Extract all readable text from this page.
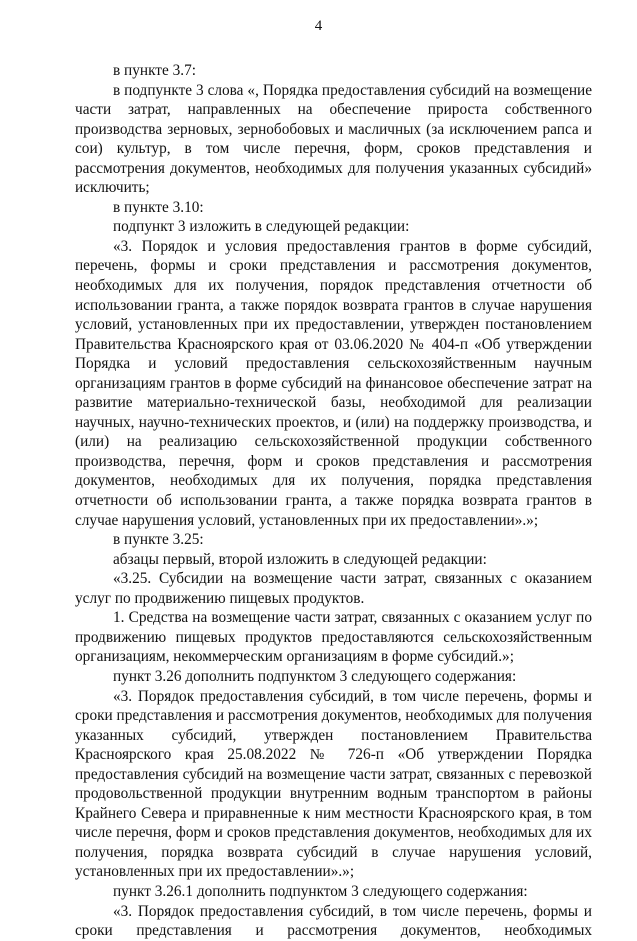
4

в пункте 3.7:

в подпункте 3 слова «, Порядка предоставления субсидий на возмещение части затрат, направленных на обеспечение прироста собственного производства зерновых, зернобобовых и масличных (за исключением рапса и сои) культур, в том числе перечня, форм, сроков представления и рассмотрения документов, необходимых для получения указанных субсидий» исключить;

в пункте 3.10:

подпункт 3 изложить в следующей редакции:

«3. Порядок и условия предоставления грантов в форме субсидий, перечень, формы и сроки представления и рассмотрения документов, необходимых для их получения, порядок представления отчетности об использовании гранта, а также порядок возврата грантов в случае нарушения условий, установленных при их предоставлении, утвержден постановлением Правительства Красноярского края от 03.06.2020 № 404-п «Об утверждении Порядка и условий предоставления сельскохозяйственным научным организациям грантов в форме субсидий на финансовое обеспечение затрат на развитие материально-технической базы, необходимой для реализации научных, научно-технических проектов, и (или) на поддержку производства, и (или) на реализацию сельскохозяйственной продукции собственного производства, перечня, форм и сроков представления и рассмотрения документов, необходимых для их получения, порядка представления отчетности об использовании гранта, а также порядка возврата грантов в случае нарушения условий, установленных при их предоставлении».»;

в пункте 3.25:

абзацы первый, второй изложить в следующей редакции:

«3.25. Субсидии на возмещение части затрат, связанных с оказанием услуг по продвижению пищевых продуктов.

1. Средства на возмещение части затрат, связанных с оказанием услуг по продвижению пищевых продуктов предоставляются сельскохозяйственным организациям, некоммерческим организациям в форме субсидий.»;

пункт 3.26 дополнить подпунктом 3 следующего содержания:

«3. Порядок предоставления субсидий, в том числе перечень, формы и сроки представления и рассмотрения документов, необходимых для получения указанных субсидий, утвержден постановлением Правительства Красноярского края 25.08.2022 № 726-п «Об утверждении Порядка предоставления субсидий на возмещение части затрат, связанных с перевозкой продовольственной продукции внутренним водным транспортом в районы Крайнего Севера и приравненные к ним местности Красноярского края, в том числе перечня, форм и сроков представления документов, необходимых для их получения, порядка возврата субсидий в случае нарушения условий, установленных при их предоставлении».»;

пункт 3.26.1 дополнить подпунктом 3 следующего содержания:

«3. Порядок предоставления субсидий, в том числе перечень, формы и сроки представления и рассмотрения документов, необходимых
